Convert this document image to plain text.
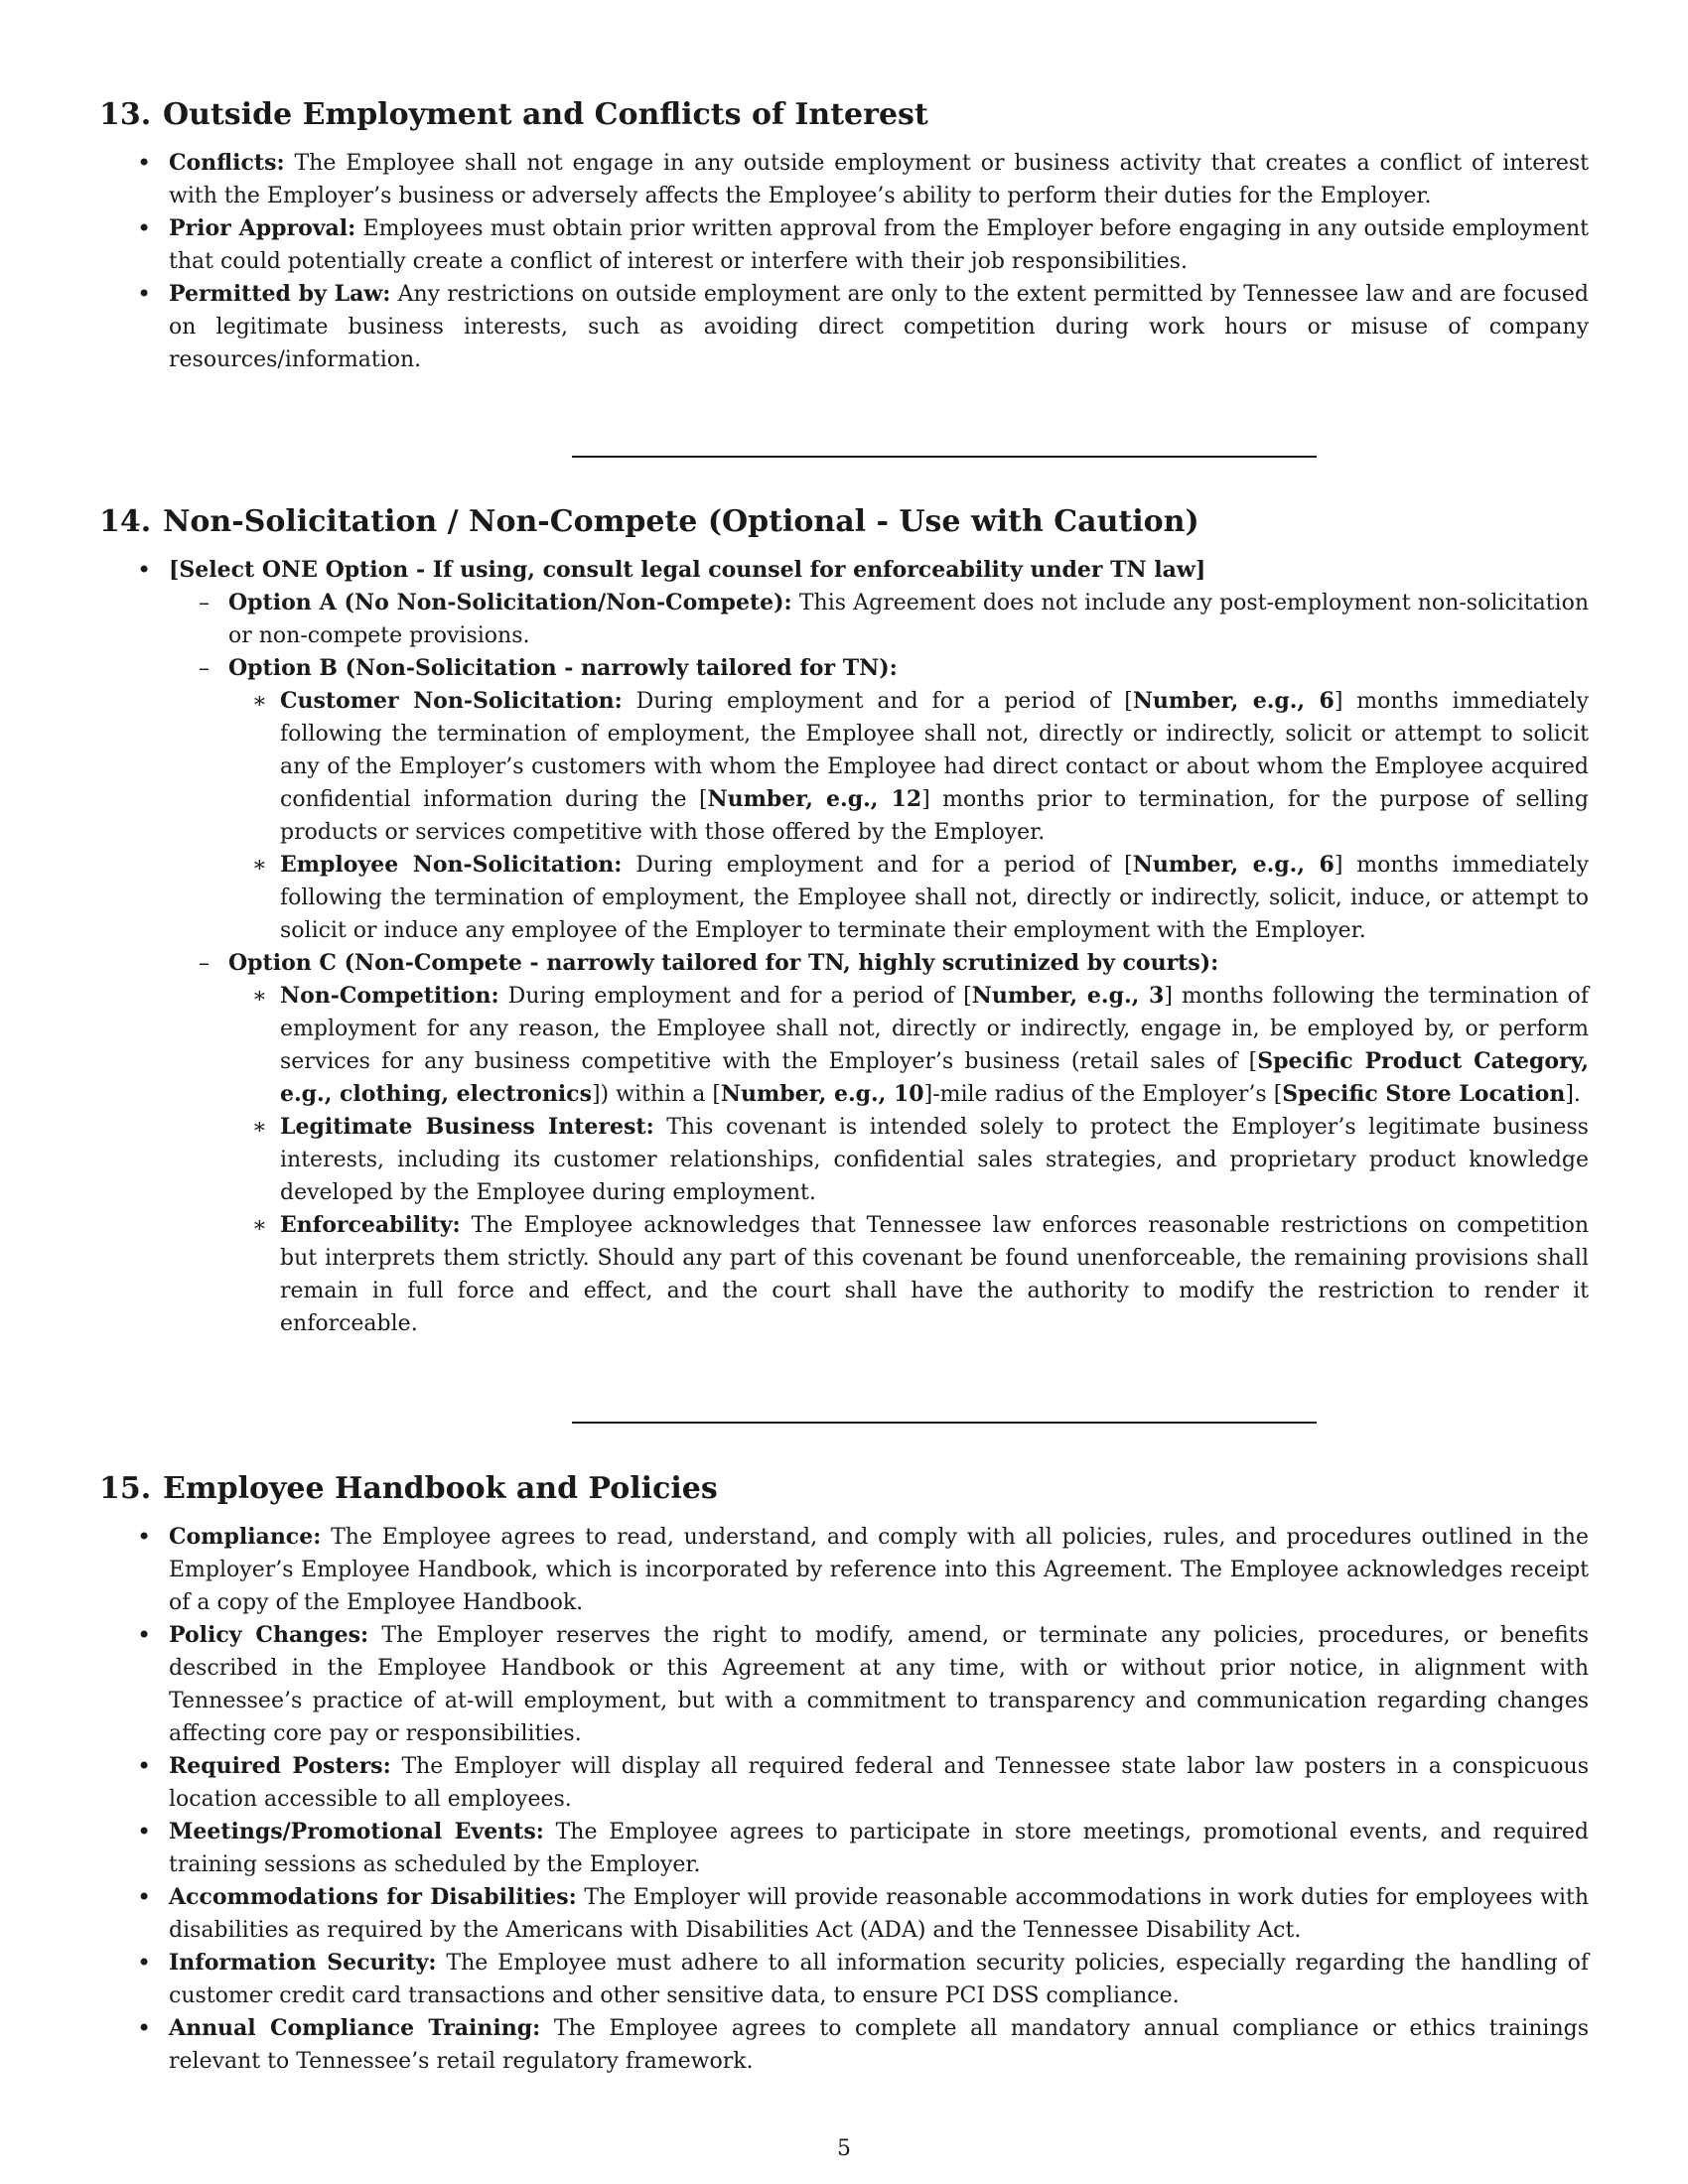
13. Outside Employment and Conflicts of Interest
• Conflicts: The Employee shall not engage in any outside employment or business activity that creates a conflict of interest with the Employer’s business or adversely affects the Employee’s ability to perform their duties for the Employer.
• Prior Approval: Employees must obtain prior written approval from the Employer before engaging in any outside employment that could potentially create a conflict of interest or interfere with their job responsibilities.
• Permitted by Law: Any restrictions on outside employment are only to the extent permitted by Tennessee law and are focused on legitimate business interests, such as avoiding direct competition during work hours or misuse of company resources/information.
14. Non-Solicitation / Non-Compete (Optional - Use with Caution)
• [Select ONE Option - If using, consult legal counsel for enforceability under TN law]
– Option A (No Non-Solicitation/Non-Compete): This Agreement does not include any post-employment non-solicitation or non-compete provisions.
– Option B (Non-Solicitation - narrowly tailored for TN):
∗ Customer Non-Solicitation: During employment and for a period of [Number, e.g., 6] months immediately following the termination of employment, the Employee shall not, directly or indirectly, solicit or attempt to solicit any of the Employer’s customers with whom the Employee had direct contact or about whom the Employee acquired confidential information during the [Number, e.g., 12] months prior to termination, for the purpose of selling products or services competitive with those offered by the Employer.
∗ Employee Non-Solicitation: During employment and for a period of [Number, e.g., 6] months immediately following the termination of employment, the Employee shall not, directly or indirectly, solicit, induce, or attempt to solicit or induce any employee of the Employer to terminate their employment with the Employer.
– Option C (Non-Compete - narrowly tailored for TN, highly scrutinized by courts):
∗ Non-Competition: During employment and for a period of [Number, e.g., 3] months following the termination of employment for any reason, the Employee shall not, directly or indirectly, engage in, be employed by, or perform services for any business competitive with the Employer’s business (retail sales of [Specific Product Category, e.g., clothing, electronics]) within a [Number, e.g., 10]-mile radius of the Employer’s [Specific Store Location].
∗ Legitimate Business Interest: This covenant is intended solely to protect the Employer’s legitimate business interests, including its customer relationships, confidential sales strategies, and proprietary product knowledge developed by the Employee during employment.
∗ Enforceability: The Employee acknowledges that Tennessee law enforces reasonable restrictions on competition but interprets them strictly. Should any part of this covenant be found unenforceable, the remaining provisions shall remain in full force and effect, and the court shall have the authority to modify the restriction to render it enforceable.
15. Employee Handbook and Policies
• Compliance: The Employee agrees to read, understand, and comply with all policies, rules, and procedures outlined in the Employer’s Employee Handbook, which is incorporated by reference into this Agreement. The Employee acknowledges receipt of a copy of the Employee Handbook.
• Policy Changes: The Employer reserves the right to modify, amend, or terminate any policies, procedures, or benefits described in the Employee Handbook or this Agreement at any time, with or without prior notice, in alignment with Tennessee’s practice of at-will employment, but with a commitment to transparency and communication regarding changes affecting core pay or responsibilities.
• Required Posters: The Employer will display all required federal and Tennessee state labor law posters in a conspicuous location accessible to all employees.
• Meetings/Promotional Events: The Employee agrees to participate in store meetings, promotional events, and required training sessions as scheduled by the Employer.
• Accommodations for Disabilities: The Employer will provide reasonable accommodations in work duties for employees with disabilities as required by the Americans with Disabilities Act (ADA) and the Tennessee Disability Act.
• Information Security: The Employee must adhere to all information security policies, especially regarding the handling of customer credit card transactions and other sensitive data, to ensure PCI DSS compliance.
• Annual Compliance Training: The Employee agrees to complete all mandatory annual compliance or ethics trainings relevant to Tennessee’s retail regulatory framework.
5
